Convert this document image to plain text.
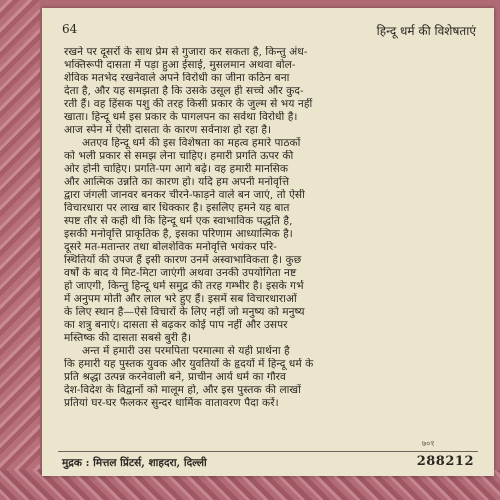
64	हिन्दू धर्म की विशेषताएं

रखने पर दूसरों के साथ प्रेम से गुजारा कर सकता है, किन्तु अंध-
भक्तिरूपी दासता में पड़ा हुआ ईसाई, मुसलमान अथवा बोल-
शेविक मतभेद रखनेवाले अपने विरोधी का जीना कठिन बना
देता है, और यह समझता है कि उसके उसूल ही सच्चे और कुद-
रती हैं। वह हिंसक पशु की तरह किसी प्रकार के जुल्म से भय नहीं
खाता। हिन्दू धर्म इस प्रकार के पागलपन का सर्वथा विरोधी है।
आज स्पेन में ऐसी दासता के कारण सर्वनाश हो रहा है।

अतएव हिन्दू धर्म की इस विशेषता का महत्व हमारे पाठकों
को भली प्रकार से समझ लेना चाहिए। हमारी प्रगति ऊपर की
ओर होनी चाहिए। प्रगति-पग आगे बढ़े। वह हमारी मानसिक
और आत्मिक उन्नति का कारण हो। यदि हम अपनी मनोवृत्ति
द्वारा जंगली जानवर बनकर चीरने-फाड़ने वाले बन जाएं, तो ऐसी
विचारधारा पर लाख बार धिक्कार है। इसलिए हमने यह बात
स्पष्ट तौर से कही थी कि हिन्दू धर्म एक स्वाभाविक पद्धति है,
इसकी मनोवृत्ति प्राकृतिक है, इसका परिणाम आध्यात्मिक है।
दूसरे मत-मतान्तर तथा बोलशेविक मनोवृत्ति भयंकर परि-
स्थितियों की उपज हैं इसी कारण उनमें अस्वाभाविकता है। कुछ
वर्षों के बाद ये मिट-मिटा जाएंगी अथवा उनकी उपयोगिता नष्ट
हो जाएगी, किन्तु हिन्दू धर्म समुद्र की तरह गम्भीर है। इसके गर्भ
में अनुपम मोती और लाल भरे हुए हैं। इसमें सब विचारधाराओं
के लिए स्थान है—ऐसे विचारों के लिए नहीं जो मनुष्य को मनुष्य
का शत्रु बनाएं। दासता से बढ़कर कोई पाप नहीं और उसपर
मस्तिष्क की दासता सबसे बुरी है।

अन्त में हमारी उस परमपिता परमात्मा से यही प्रार्थना है
कि हमारी यह पुस्तक युवक और युवतियों के हृदयों में हिन्दू धर्म के
प्रति श्रद्धा उत्पन्न करनेवाली बने, प्राचीन आर्य धर्म का गौरव
देश-विदेश के विद्वानों को मालूम हो, और इस पुस्तक की लाखों
प्रतियां घर-घर फैलकर सुन्दर धार्मिक वातावरण पैदा करें।

७०१
मुद्रक : मित्तल प्रिंटर्स, शाहदरा, दिल्ली	288212
